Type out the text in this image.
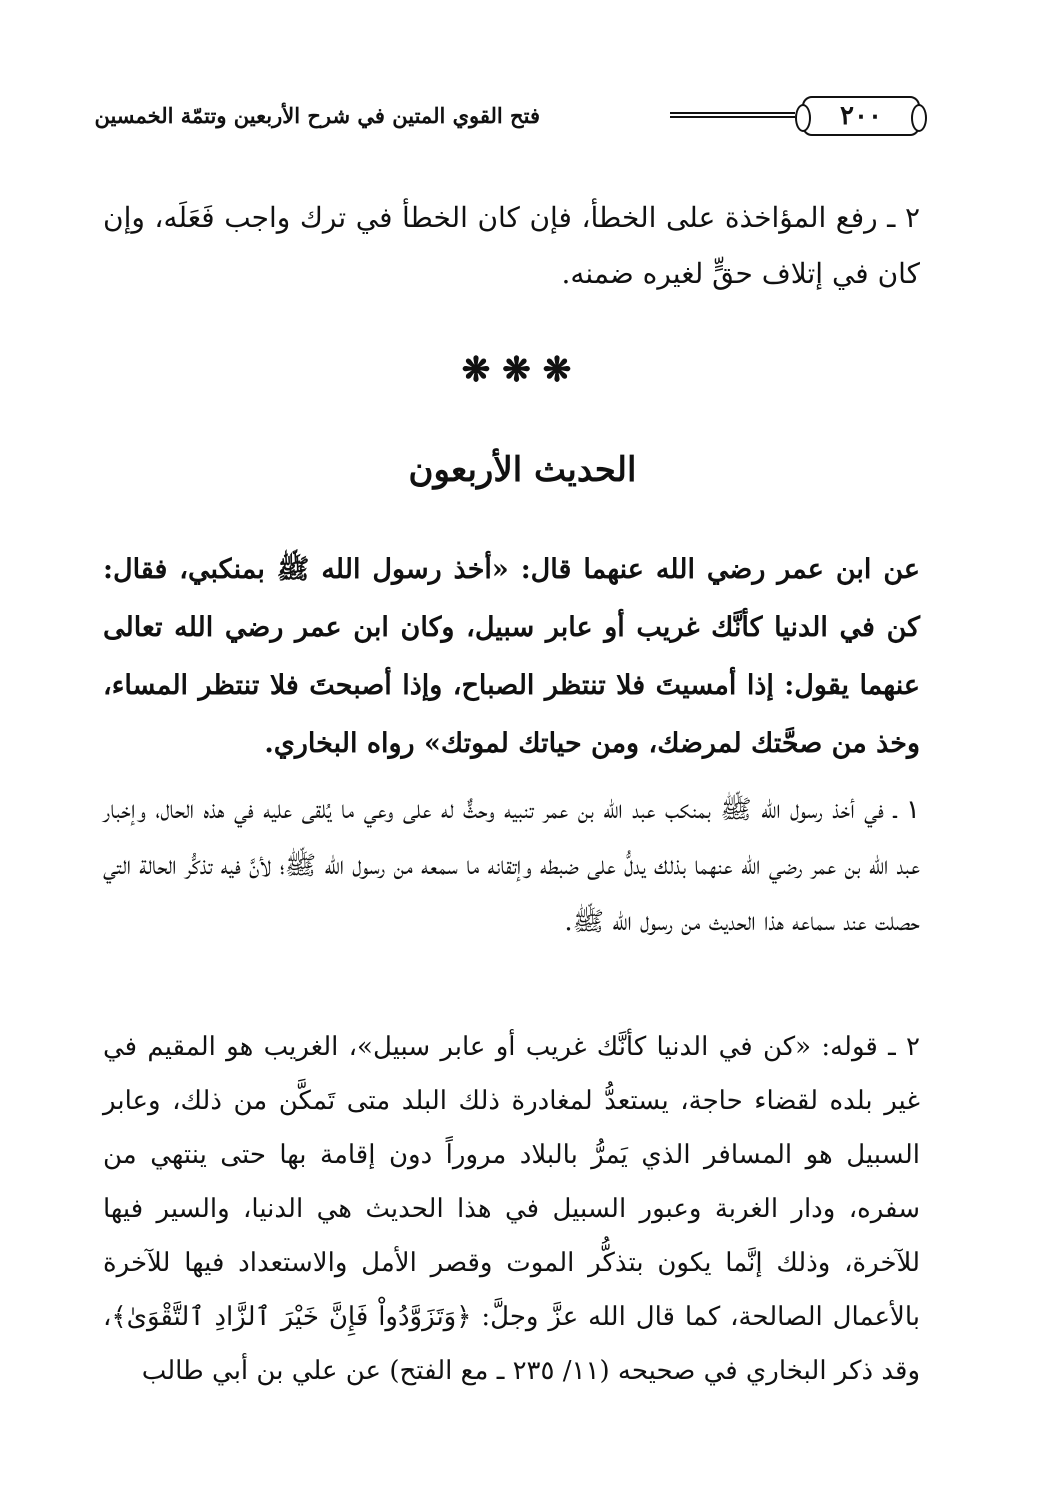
٢٠٠
فتح القوي المتين في شرح الأربعين وتتمّة الخمسين
٢ ـ رفع المؤاخذة على الخطأ، فإن كان الخطأ في ترك واجب فَعَلَه، وإن كان في إتلاف حقٍّ لغيره ضمنه.
❋❋❋
الحديث الأربعون
عن ابن عمر رضي الله عنهما قال: «أخذ رسول الله ﷺ بمنكبي، فقال: كن في الدنيا كأنَّك غريب أو عابر سبيل، وكان ابن عمر رضي الله تعالى عنهما يقول: إذا أمسيتَ فلا تنتظر الصباح، وإذا أصبحتَ فلا تنتظر المساء، وخذ من صحَّتك لمرضك، ومن حياتك لموتك» رواه البخاري.
١ ـ في أخذ رسول الله ﷺ بمنكب عبد الله بن عمر تنبيه وحثٌّ له على وعي ما يُلقى عليه في هذه الحال، وإخبار عبد الله بن عمر رضي الله عنهما بذلك يدلُّ على ضبطه وإتقانه ما سمعه من رسول الله ﷺ؛ لأنَّ فيه تذكُّر الحالة التي حصلت عند سماعه هذا الحديث من رسول الله ﷺ.
٢ ـ قوله: «كن في الدنيا كأنَّك غريب أو عابر سبيل»، الغريب هو المقيم في غير بلده لقضاء حاجة، يستعدُّ لمغادرة ذلك البلد متى تَمكَّن من ذلك، وعابر السبيل هو المسافر الذي يَمرُّ بالبلاد مروراً دون إقامة بها حتى ينتهي من سفره، ودار الغربة وعبور السبيل في هذا الحديث هي الدنيا، والسير فيها للآخرة، وذلك إنَّما يكون بتذكُّر الموت وقصر الأمل والاستعداد فيها للآخرة بالأعمال الصالحة، كما قال الله عزَّ وجلَّ: ﴿وَتَزَوَّدُواْ فَإِنَّ خَيْرَ ٱلزَّادِ ٱلتَّقْوَىٰ﴾، وقد ذكر البخاري في صحيحه (١١/ ٢٣٥ ـ مع الفتح) عن علي بن أبي طالب
